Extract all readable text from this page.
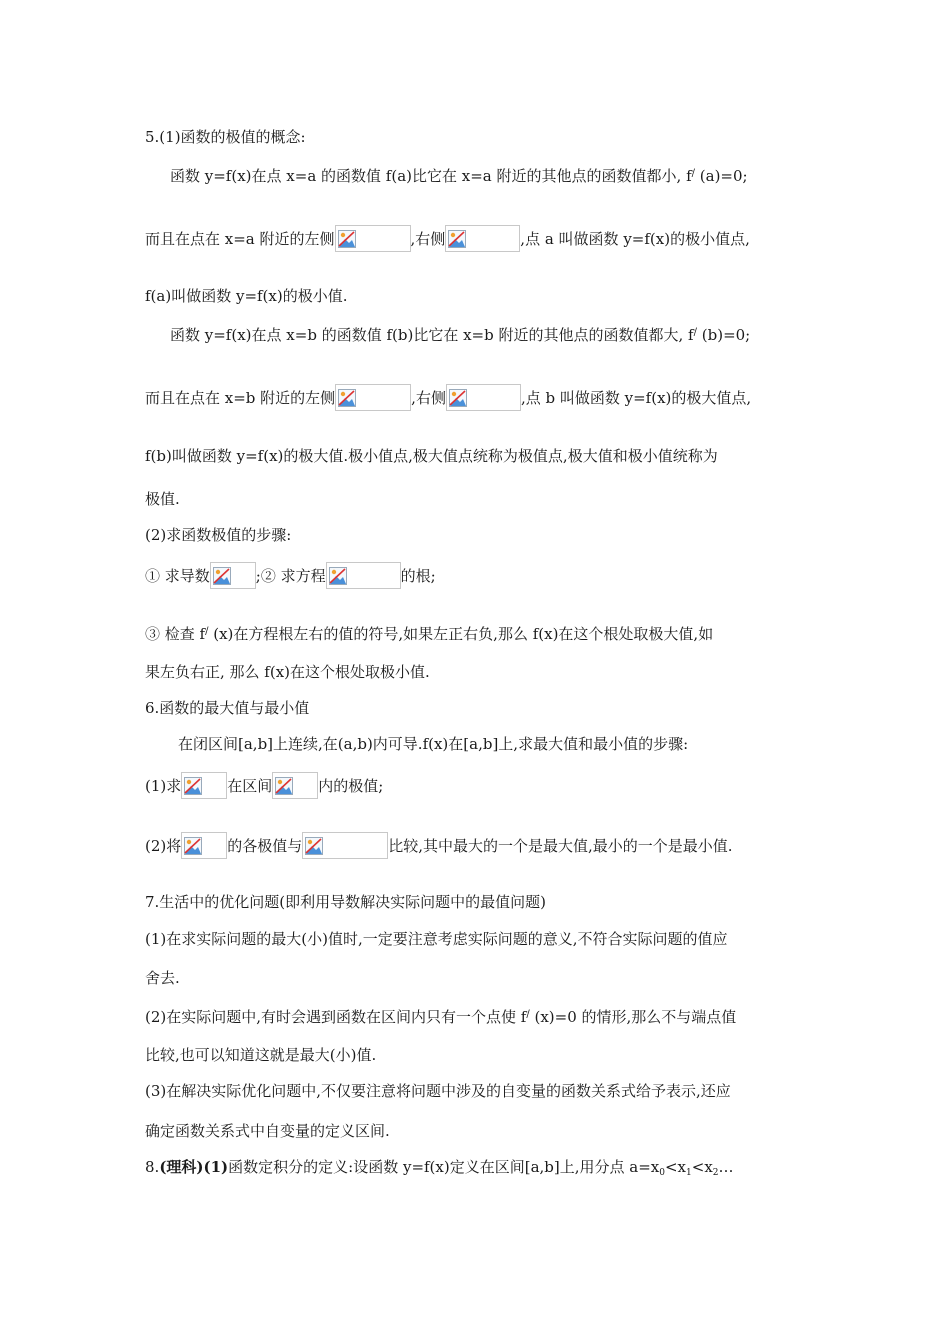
5.(1)函数的极值的概念:
函数 y=f(x)在点 x=a 的函数值 f(a)比它在 x=a 附近的其他点的函数值都小, f/ (a)=0;
而且在点在 x=a 附近的左侧	,右侧	,点 a 叫做函数 y=f(x)的极小值点,
f(a)叫做函数 y=f(x)的极小值.
函数 y=f(x)在点 x=b 的函数值 f(b)比它在 x=b 附近的其他点的函数值都大, f/ (b)=0;
而且在点在 x=b 附近的左侧	,右侧	,点 b 叫做函数 y=f(x)的极大值点,
f(b)叫做函数 y=f(x)的极大值.极小值点,极大值点统称为极值点,极大值和极小值统称为
极值.
(2)求函数极值的步骤:
① 求导数	;② 求方程	的根;
③ 检查 f/ (x)在方程根左右的值的符号,如果左正右负,那么 f(x)在这个根处取极大值,如
果左负右正, 那么 f(x)在这个根处取极小值.
6.函数的最大值与最小值
在闭区间[a,b]上连续,在(a,b)内可导.f(x)在[a,b]上,求最大值和最小值的步骤:
(1)求	在区间	内的极值;
(2)将	的各极值与	比较,其中最大的一个是最大值,最小的一个是最小值.
7.生活中的优化问题(即利用导数解决实际问题中的最值问题)
(1)在求实际问题的最大(小)值时,一定要注意考虑实际问题的意义,不符合实际问题的值应
舍去.
(2)在实际问题中,有时会遇到函数在区间内只有一个点使 f/ (x)=0 的情形,那么不与端点值
比较,也可以知道这就是最大(小)值.
(3)在解决实际优化问题中,不仅要注意将问题中涉及的自变量的函数关系式给予表示,还应
确定函数关系式中自变量的定义区间.
8.(理科)(1)函数定积分的定义:设函数 y=f(x)定义在区间[a,b]上,用分点 $a=x_0<x_1<x_2\dots$
